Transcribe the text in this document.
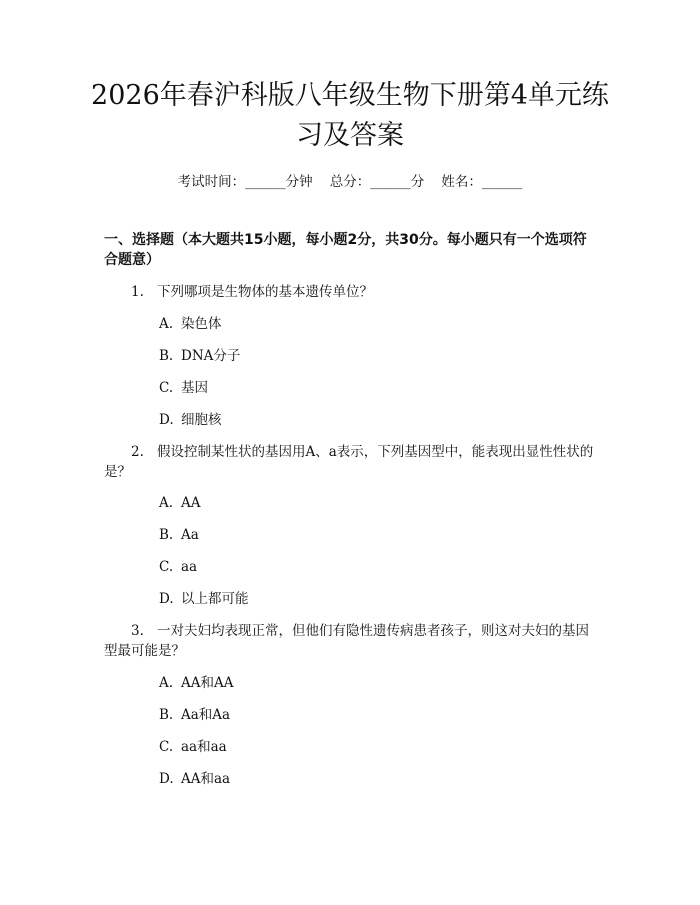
2026年春沪科版八年级生物下册第4单元练习及答案
考试时间：______分钟    总分：______分    姓名：______
一、选择题（本大题共15小题，每小题2分，共30分。每小题只有一个选项符合题意）
1. 下列哪项是生物体的基本遗传单位？
A. 染色体
B. DNA分子
C. 基因
D. 细胞核
2. 假设控制某性状的基因用A、a表示，下列基因型中，能表现出显性性状的是？
A. AA
B. Aa
C. aa
D. 以上都可能
3. 一对夫妇均表现正常，但他们有隐性遗传病患者孩子，则这对夫妇的基因型最可能是？
A. AA和AA
B. Aa和Aa
C. aa和aa
D. AA和aa
